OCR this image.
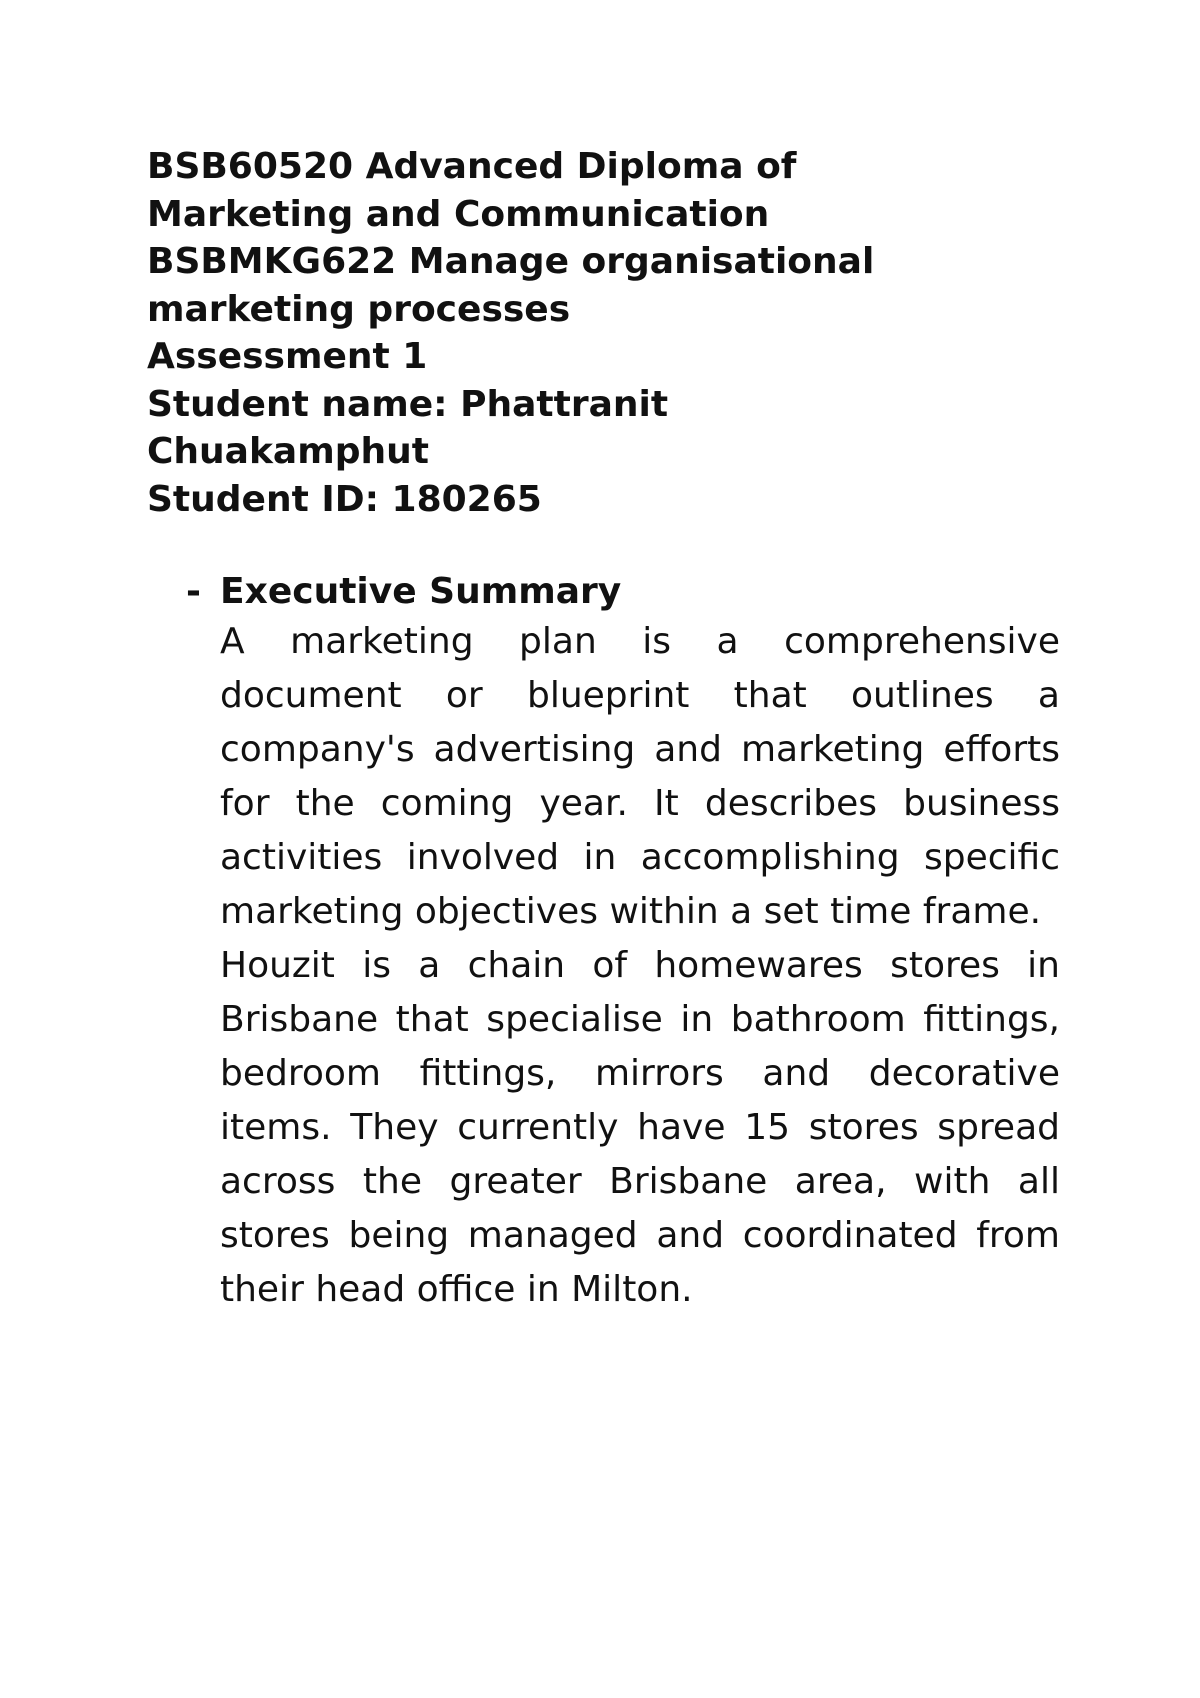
BSB60520 Advanced Diploma of
Marketing and Communication
BSBMKG622 Manage organisational
marketing processes
Assessment 1
Student name: Phattranit
Chuakamphut
Student ID: 180265
- Executive Summary

A marketing plan is a comprehensive document or blueprint that outlines a company's advertising and marketing efforts for the coming year. It describes business activities involved in accomplishing specific marketing objectives within a set time frame.

Houzit is a chain of homewares stores in Brisbane that specialise in bathroom fittings, bedroom fittings, mirrors and decorative items. They currently have 15 stores spread across the greater Brisbane area, with all stores being managed and coordinated from their head office in Milton.
